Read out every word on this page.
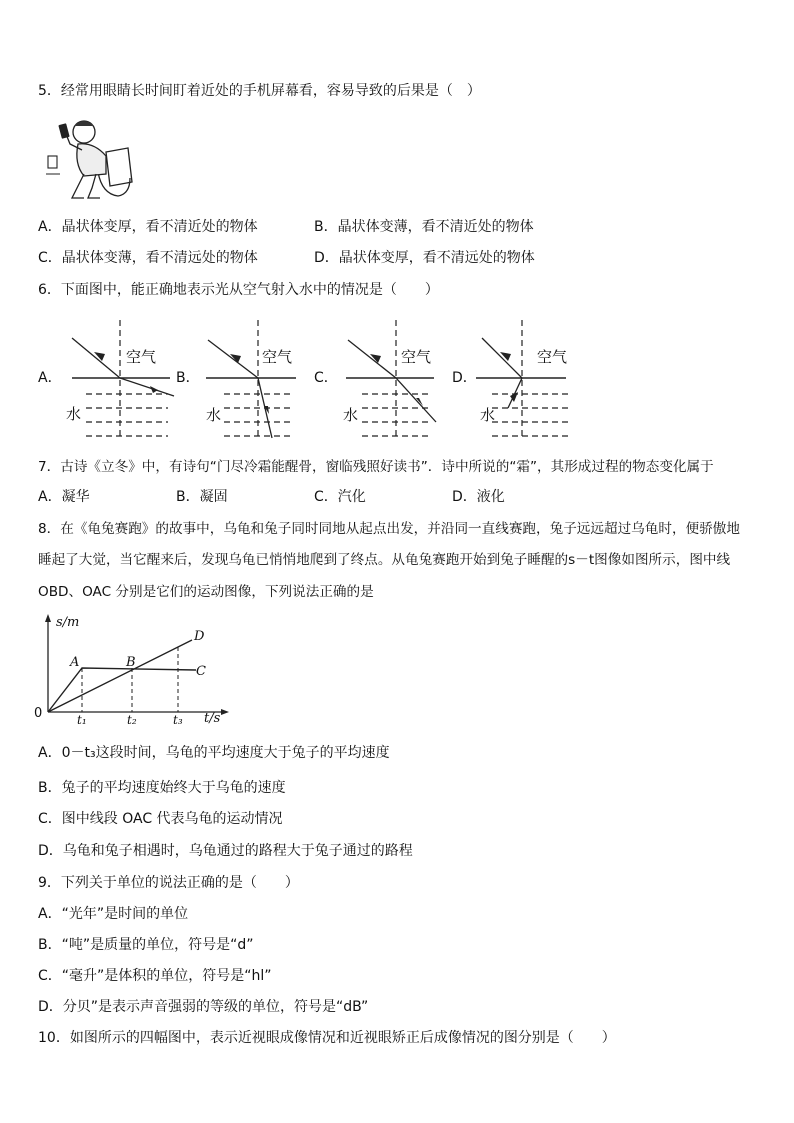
5．经常用眼睛长时间盯着近处的手机屏幕看，容易导致的后果是（　）
A．晶状体变厚，看不清近处的物体	B．晶状体变薄，看不清近处的物体
C．晶状体变薄，看不清远处的物体	D．晶状体变厚，看不清远处的物体
6．下面图中，能正确地表示光从空气射入水中的情况是（　　）
A．
空气
水
B．
空气
水
C．
空气
水
D．
空气
水
7．古诗《立冬》中，有诗句“门尽冷霜能醒骨，窗临残照好读书”．诗中所说的“霜”，其形成过程的物态变化属于
A．凝华	B．凝固	C．汽化	D．液化
8．在《龟兔赛跑》的故事中，乌龟和兔子同时同地从起点出发，并沿同一直线赛跑，兔子远远超过乌龟时，便骄傲地
睡起了大觉，当它醒来后，发现乌龟已悄悄地爬到了终点。从龟兔赛跑开始到兔子睡醒的s－t图像如图所示，图中线
OBD、OAC 分别是它们的运动图像，下列说法正确的是
s/m
D
A	B
C
0	t₁	t₂	t₃ t/s
A．0－t₃这段时间，乌龟的平均速度大于兔子的平均速度
B．兔子的平均速度始终大于乌龟的速度
C．图中线段 OAC 代表乌龟的运动情况
D．乌龟和兔子相遇时，乌龟通过的路程大于兔子通过的路程
9．下列关于单位的说法正确的是（　　）
A．“光年”是时间的单位
B．“吨”是质量的单位，符号是“d”
C．“毫升”是体积的单位，符号是“hl”
D．分贝”是表示声音强弱的等级的单位，符号是“dB”
10．如图所示的四幅图中，表示近视眼成像情况和近视眼矫正后成像情况的图分别是（　　）
